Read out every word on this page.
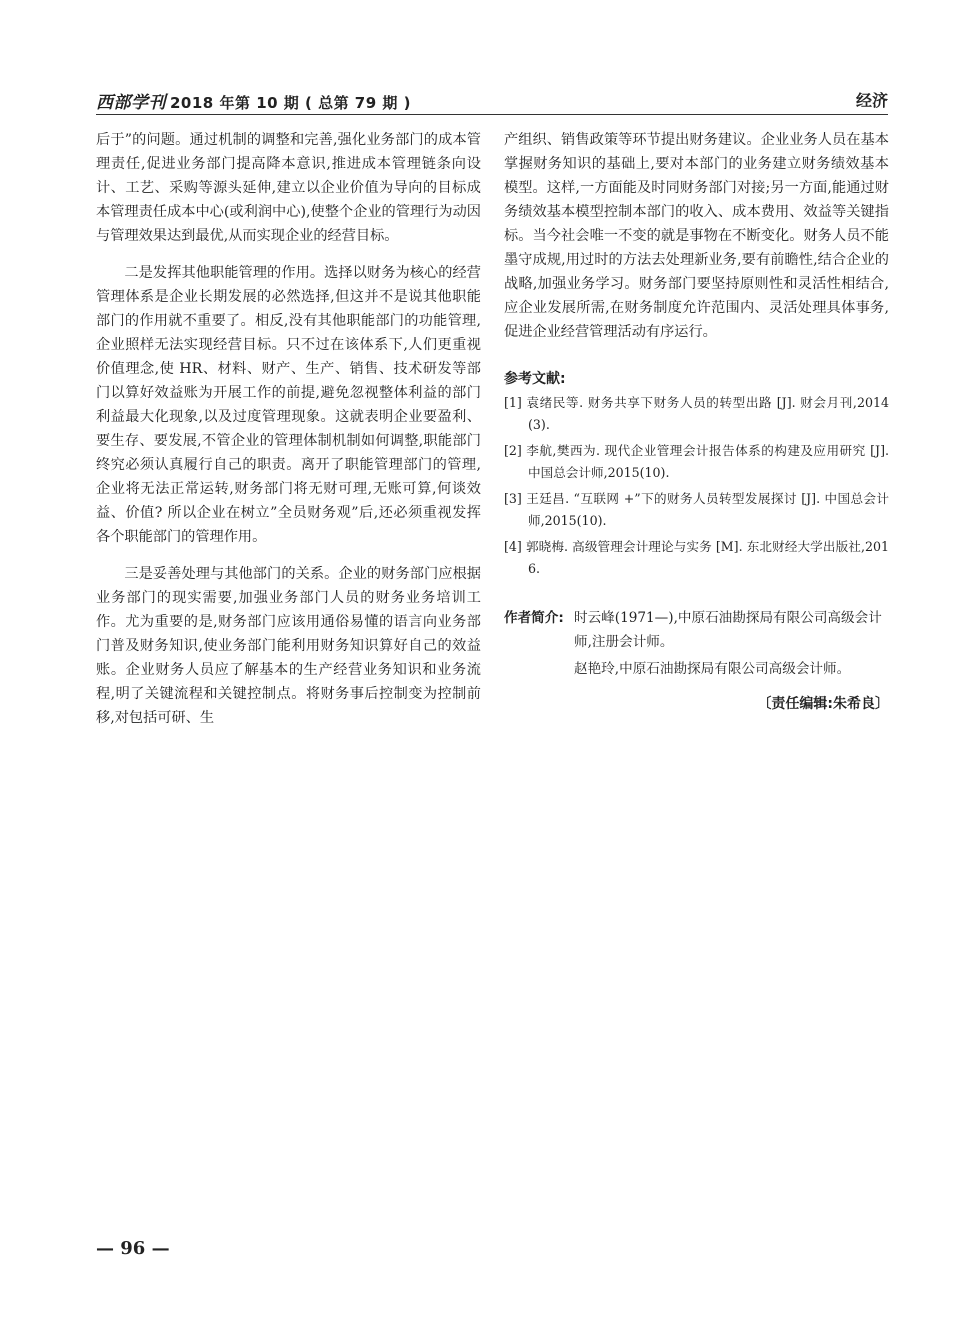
西部学刊 2018 年第 10 期 ( 总第 79 期 )	经济

后于”的问题。通过机制的调整和完善,强化业务部门的成本管理责任,促进业务部门提高降本意识,推进成本管理链条向设计、工艺、采购等源头延伸,建立以企业价值为导向的目标成本管理责任成本中心(或利润中心),使整个企业的管理行为动因与管理效果达到最优,从而实现企业的经营目标。

二是发挥其他职能管理的作用。选择以财务为核心的经营管理体系是企业长期发展的必然选择,但这并不是说其他职能部门的作用就不重要了。相反,没有其他职能部门的功能管理,企业照样无法实现经营目标。只不过在该体系下,人们更重视价值理念,使 HR、材料、财产、生产、销售、技术研发等部门以算好效益账为开展工作的前提,避免忽视整体利益的部门利益最大化现象,以及过度管理现象。这就表明企业要盈利、要生存、要发展,不管企业的管理体制机制如何调整,职能部门终究必须认真履行自己的职责。离开了职能管理部门的管理,企业将无法正常运转,财务部门将无财可理,无账可算,何谈效益、价值? 所以企业在树立”全员财务观”后,还必须重视发挥各个职能部门的管理作用。

三是妥善处理与其他部门的关系。企业的财务部门应根据业务部门的现实需要,加强业务部门人员的财务业务培训工作。尤为重要的是,财务部门应该用通俗易懂的语言向业务部门普及财务知识,使业务部门能利用财务知识算好自己的效益账。企业财务人员应了解基本的生产经营业务知识和业务流程,明了关键流程和关键控制点。将财务事后控制变为控制前移,对包括可研、生

产组织、销售政策等环节提出财务建议。企业业务人员在基本掌握财务知识的基础上,要对本部门的业务建立财务绩效基本模型。这样,一方面能及时同财务部门对接;另一方面,能通过财务绩效基本模型控制本部门的收入、成本费用、效益等关键指标。当今社会唯一不变的就是事物在不断变化。财务人员不能墨守成规,用过时的方法去处理新业务,要有前瞻性,结合企业的战略,加强业务学习。财务部门要坚持原则性和灵活性相结合,应企业发展所需,在财务制度允许范围内、灵活处理具体事务,促进企业经营管理活动有序运行。

参考文献:
[1] 袁绪民等. 财务共享下财务人员的转型出路 [J]. 财会月刊,2014(3).
[2] 李航,樊西为. 现代企业管理会计报告体系的构建及应用研究 [J]. 中国总会计师,2015(10).
[3] 王廷昌. “互联网 +”下的财务人员转型发展探讨 [J]. 中国总会计师,2015(10).
[4] 郭晓梅. 高级管理会计理论与实务 [M]. 东北财经大学出版社,2016.
作者简介: 时云峰(1971—),中原石油勘探局有限公司高级会计师,注册会计师。
赵艳玲,中原石油勘探局有限公司高级会计师。
〔责任编辑:朱希良〕
— 96 —
